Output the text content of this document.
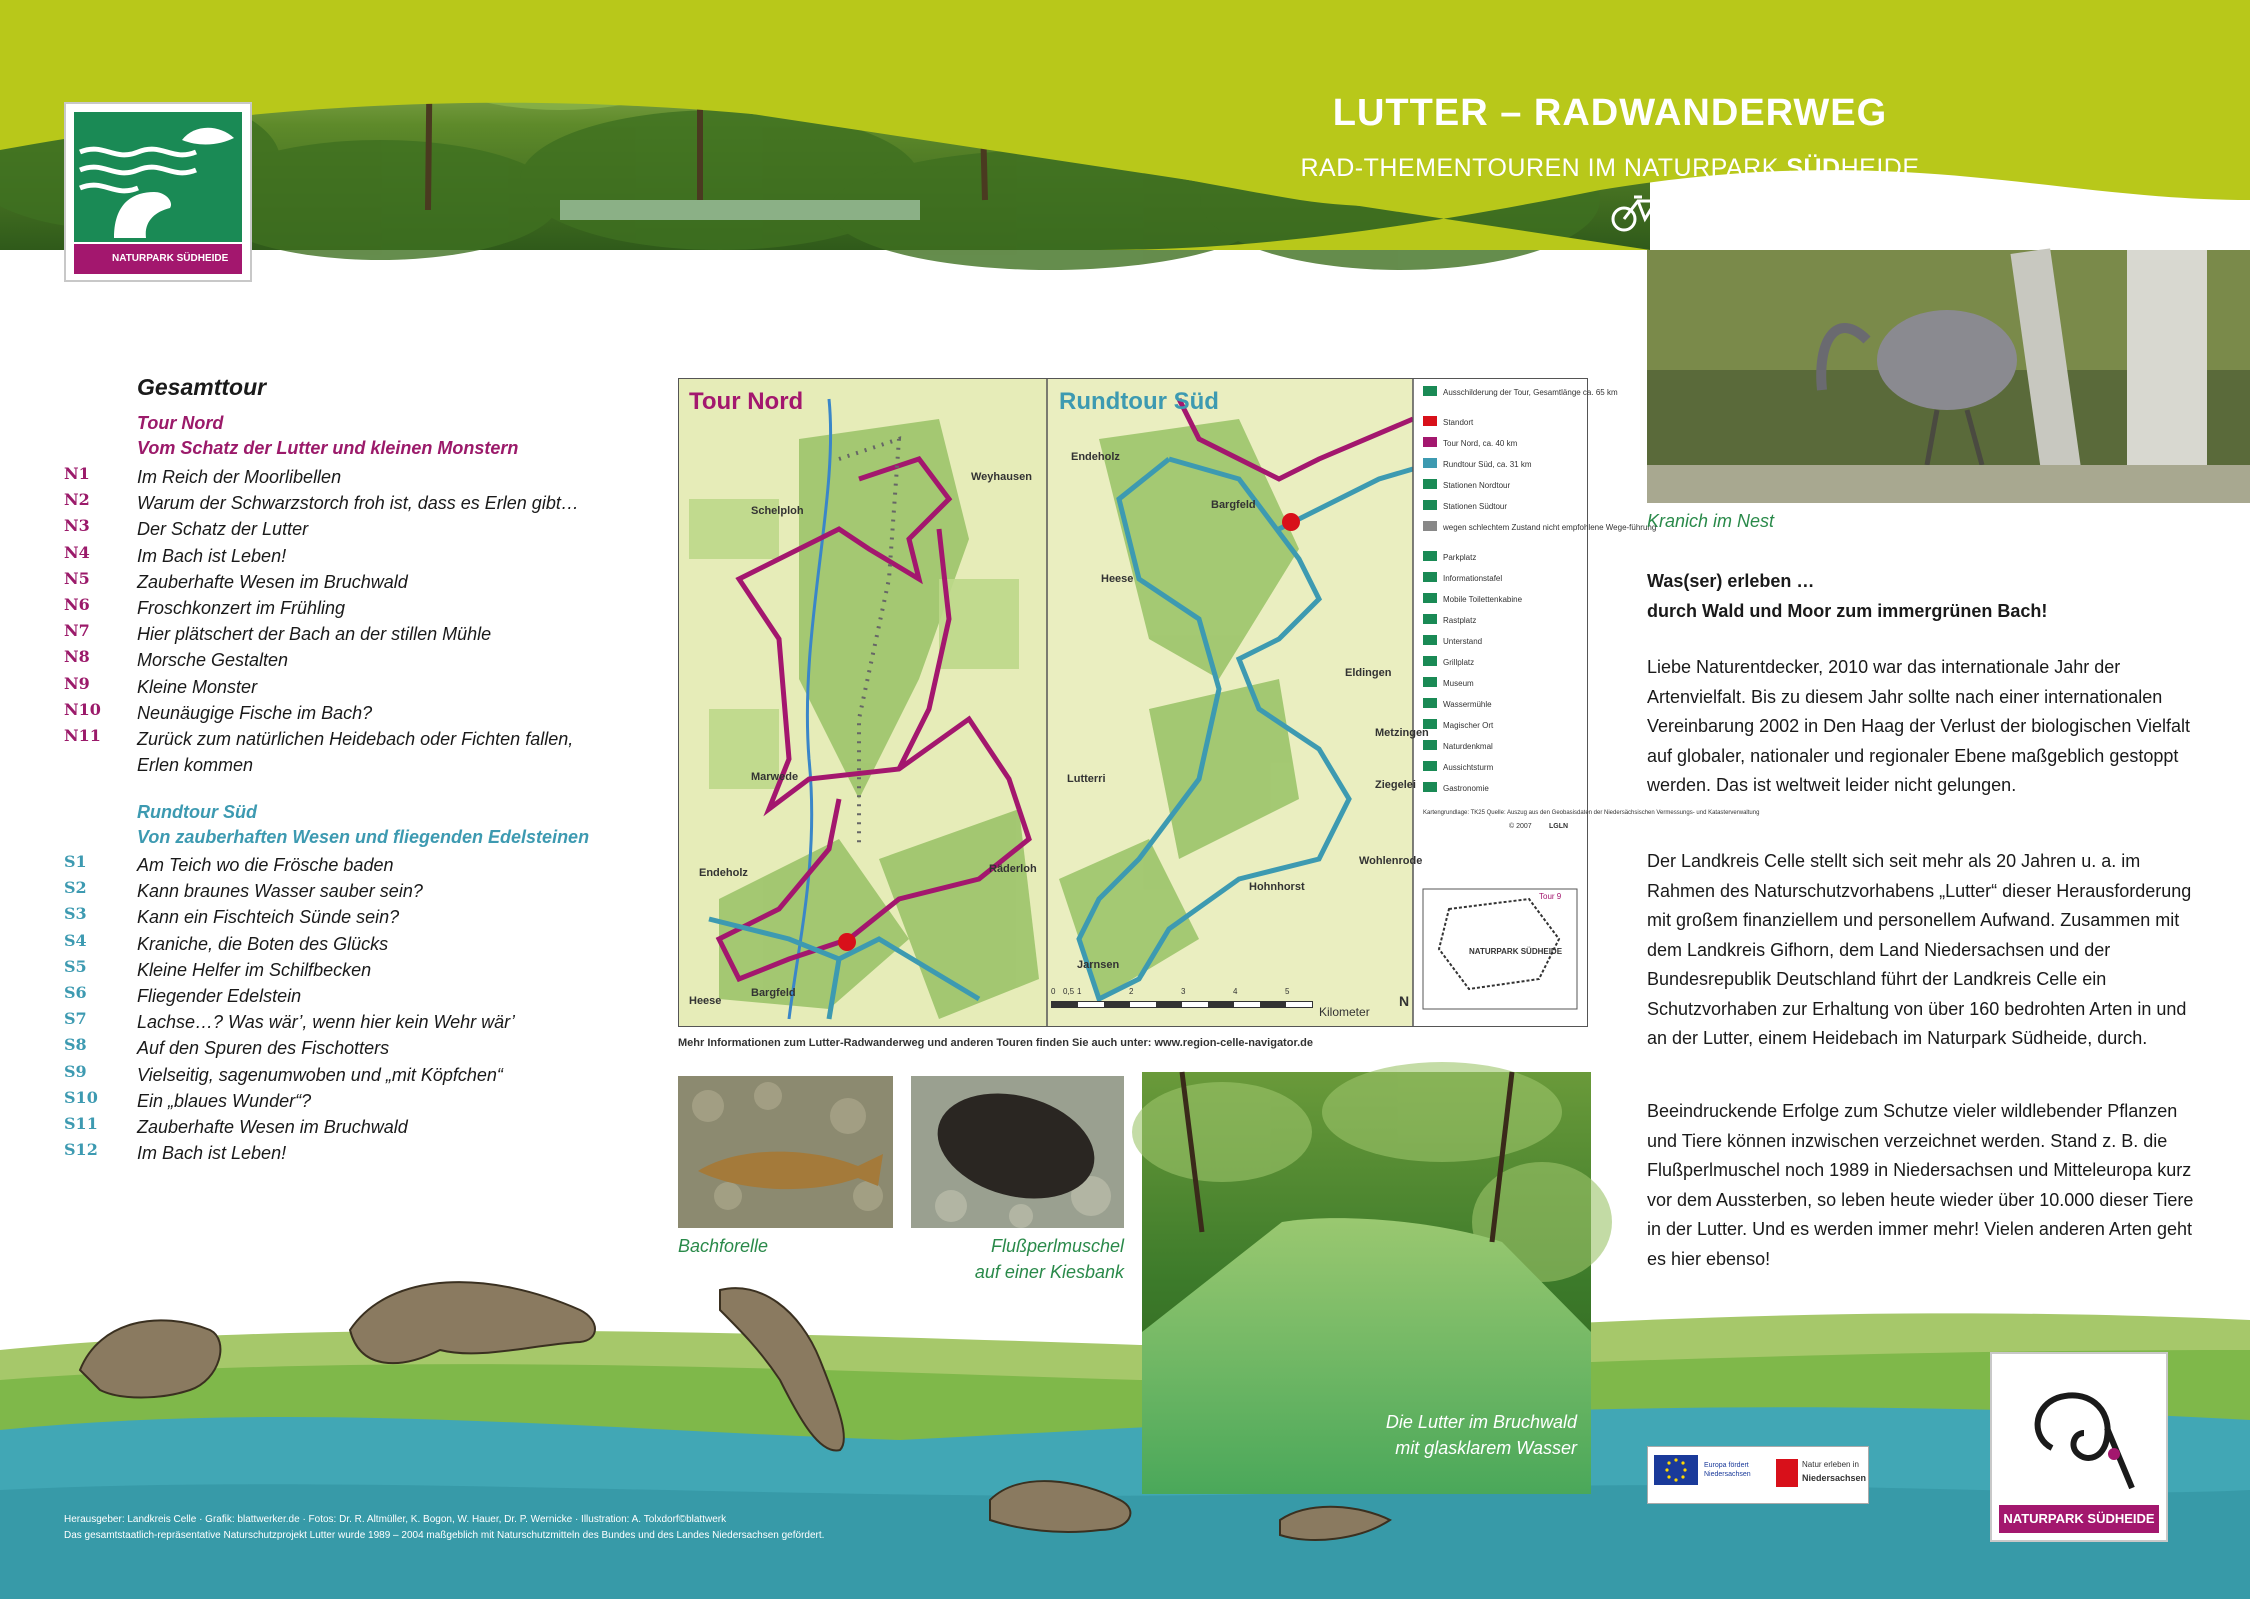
LUTTER – RADWANDERWEG
RAD-THEMENTOUREN IM NATURPARK SÜDHEIDE
NATURPARK SÜDHEIDE
Gesamttour
Tour Nord
Vom Schatz der Lutter und kleinen Monstern
N1	Im Reich der Moorlibellen
N2	Warum der Schwarzstorch froh ist, dass es Erlen gibt…
N3	Der Schatz der Lutter
N4	Im Bach ist Leben!
N5	Zauberhafte Wesen im Bruchwald
N6	Froschkonzert im Frühling
N7	Hier plätschert der Bach an der stillen Mühle
N8	Morsche Gestalten
N9	Kleine Monster
N10	Neunäugige Fische im Bach?
N11	Zurück zum natürlichen Heidebach oder Fichten fallen, Erlen kommen
Rundtour Süd
Von zauberhaften Wesen und fliegenden Edelsteinen
S1	Am Teich wo die Frösche baden
S2	Kann braunes Wasser sauber sein?
S3	Kann ein Fischteich Sünde sein?
S4	Kraniche, die Boten des Glücks
S5	Kleine Helfer im Schilfbecken
S6	Fliegender Edelstein
S7	Lachse…? Was wär’, wenn hier kein Wehr wär’
S8	Auf den Spuren des Fischotters
S9	Vielseitig, sagenumwoben und „mit Köpfchen“
S10	Ein „blaues Wunder“?
S11	Zauberhafte Wesen im Bruchwald
S12	Im Bach ist Leben!
Tour Nord	Rundtour Süd	Ausschilderung der Tour, Gesamtlänge ca. 65 km
Standort
Tour Nord, ca. 40 km
Rundtour Süd, ca. 31 km
Stationen Nordtour
Stationen Südtour
wegen schlechtem Zustand nicht empfohlene Wege-führung
Parkplatz
Informationstafel
Mobile Toilettenkabine
Rastplatz
Unterstand
Grillplatz
Museum
Wassermühle
Magischer Ort
Naturdenkmal
Aussichtsturm
Gastronomie
Kartengrundlage: TK25 Quelle: Auszug aus den Geobasisdaten der Niedersächsischen Vermessungs- und Katasterverwaltung
© 2007 LGLN
NATURPARK SÜDHEIDE
Tour 9
Schelploh
Weyhausen
Marwede
Endeholz	Räderloh
Heese
Bargfeld
Endeholz
Bargfeld
Heese
Eldingen
Metzingen
Lutterri	Ziegelei
Wohlenrode
Hohnhorst
Jarnsen
Kilometer
N
0 0,5 1	2	3	4	5
Mehr Informationen zum Lutter-Radwanderweg und anderen Touren finden Sie auch unter: www.region-celle-navigator.de
Bachforelle	Flußperlmuschel
auf einer Kiesbank
Die Lutter im Bruchwald
mit glasklarem Wasser
Kranich im Nest
Was(ser) erleben …
durch Wald und Moor zum immergrünen Bach!
Liebe Naturentdecker, 2010 war das internationale Jahr der Artenvielfalt. Bis zu diesem Jahr sollte nach einer internationalen Vereinbarung 2002 in Den Haag der Verlust der biologischen Vielfalt auf globaler, nationaler und regionaler Ebene maßgeblich gestoppt werden. Das ist weltweit leider nicht gelungen.
Der Landkreis Celle stellt sich seit mehr als 20 Jahren u. a. im Rahmen des Naturschutzvorhabens „Lutter“ dieser Herausforderung mit großem finanziellem und personellem Aufwand. Zusammen mit dem Landkreis Gifhorn, dem Land Niedersachsen und der Bundesrepublik Deutschland führt der Landkreis Celle ein Schutzvorhaben zur Erhaltung von über 160 bedrohten Arten in und an der Lutter, einem Heidebach im Naturpark Südheide, durch.
Beeindruckende Erfolge zum Schutze vieler wildlebender Pflanzen und Tiere können inzwischen verzeichnet werden. Stand z. B. die Flußperlmuschel noch 1989 in Niedersachsen und Mitteleuropa kurz vor dem Aussterben, so leben heute wieder über 10.000 dieser Tiere in der Lutter. Und es werden immer mehr! Vielen anderen Arten geht es hier ebenso!
Herausgeber: Landkreis Celle · Grafik: blattwerker.de · Fotos: Dr. R. Altmüller, K. Bogon, W. Hauer, Dr. P. Wernicke · Illustration: A. Tolxdorf©blattwerk
Das gesamtstaatlich-repräsentative Naturschutzprojekt Lutter wurde 1989 – 2004 maßgeblich mit Naturschutzmitteln des Bundes und des Landes Niedersachsen gefördert.
Europa fördert Niedersachsen
Natur erleben in
Niedersachsen
NATURPARK SÜDHEIDE
